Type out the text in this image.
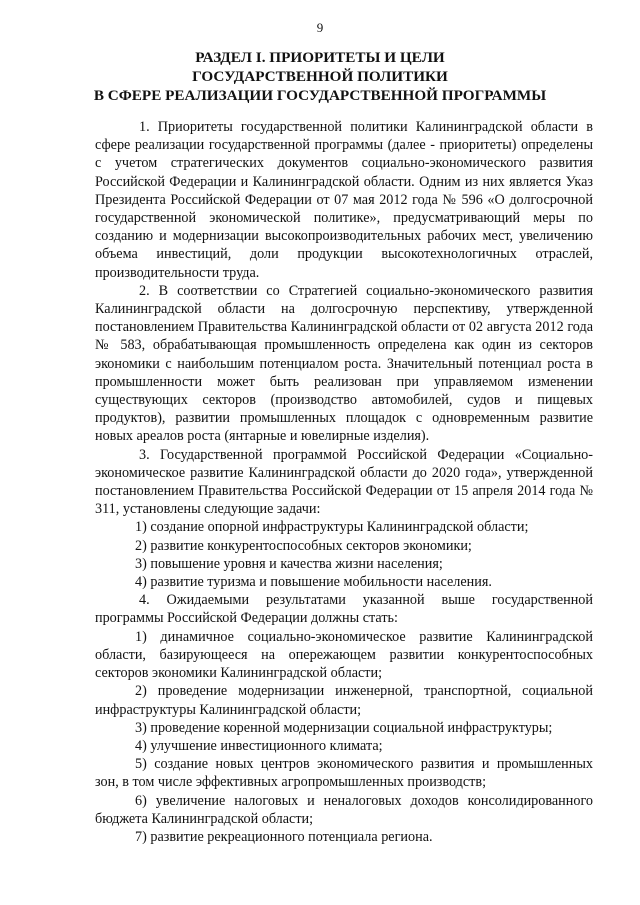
9
РАЗДЕЛ I. ПРИОРИТЕТЫ И ЦЕЛИ
ГОСУДАРСТВЕННОЙ ПОЛИТИКИ
В СФЕРЕ РЕАЛИЗАЦИИ ГОСУДАРСТВЕННОЙ ПРОГРАММЫ

1. Приоритеты государственной политики Калининградской области в сфере реализации государственной программы (далее - приоритеты) определены с учетом стратегических документов социально-экономического развития Российской Федерации и Калининградской области. Одним из них является Указ Президента Российской Федерации от 07 мая 2012 года № 596 «О долгосрочной государственной экономической политике», предусматривающий меры по созданию и модернизации высокопроизводительных рабочих мест, увеличению объема инвестиций, доли продукции высокотехнологичных отраслей, производительности труда.

2. В соответствии со Стратегией социально-экономического развития Калининградской области на долгосрочную перспективу, утвержденной постановлением Правительства Калининградской области от 02 августа 2012 года № 583, обрабатывающая промышленность определена как один из секторов экономики с наибольшим потенциалом роста. Значительный потенциал роста в промышленности может быть реализован при управляемом изменении существующих секторов (производство автомобилей, судов и пищевых продуктов), развитии промышленных площадок с одновременным развитие новых ареалов роста (янтарные и ювелирные изделия).

3. Государственной программой Российской Федерации «Социально-экономическое развитие Калининградской области до 2020 года», утвержденной постановлением Правительства Российской Федерации от 15 апреля 2014 года № 311, установлены следующие задачи:

1) создание опорной инфраструктуры Калининградской области;

2) развитие конкурентоспособных секторов экономики;

3) повышение уровня и качества жизни населения;

4) развитие туризма и повышение мобильности населения.

4. Ожидаемыми результатами указанной выше государственной программы Российской Федерации должны стать:

1) динамичное социально-экономическое развитие Калининградской области, базирующееся на опережающем развитии конкурентоспособных секторов экономики Калининградской области;

2) проведение модернизации инженерной, транспортной, социальной инфраструктуры Калининградской области;

3) проведение коренной модернизации социальной инфраструктуры;

4) улучшение инвестиционного климата;

5) создание новых центров экономического развития и промышленных зон, в том числе эффективных агропромышленных производств;

6) увеличение налоговых и неналоговых доходов консолидированного бюджета Калининградской области;

7) развитие рекреационного потенциала региона.
